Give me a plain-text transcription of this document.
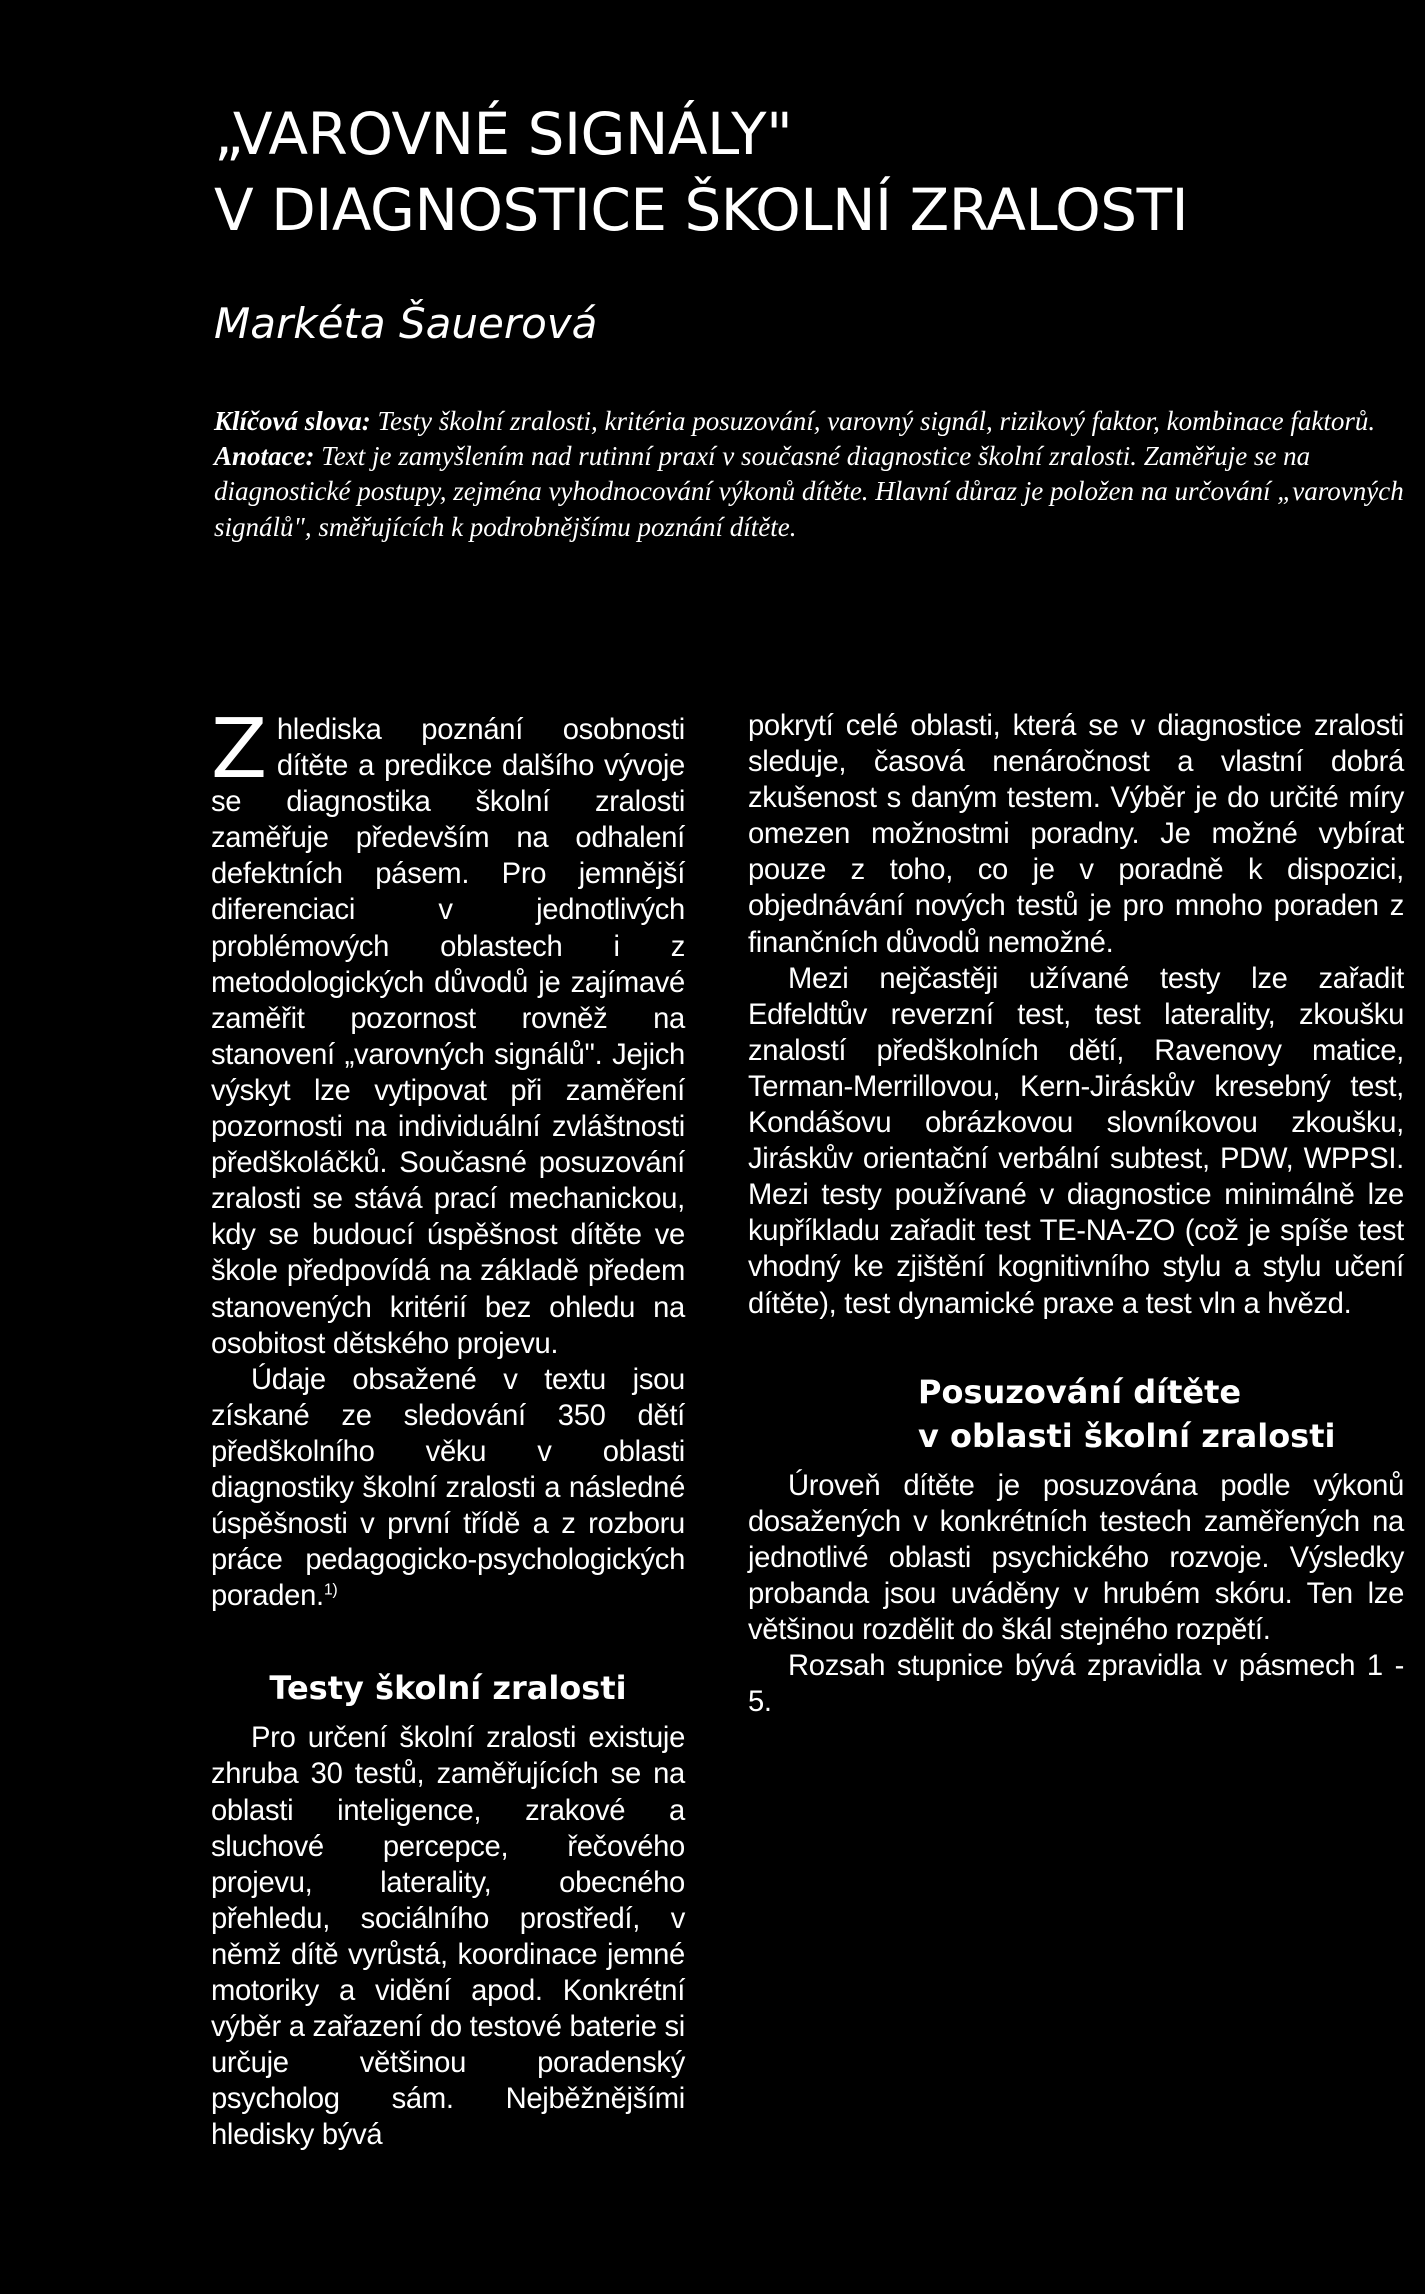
„VAROVNÉ SIGNÁLY"
V DIAGNOSTICE ŠKOLNÍ ZRALOSTI

Markéta Šauerová

Klíčová slova: Testy školní zralosti, kritéria posuzování, varovný signál, rizikový faktor, kombinace faktorů.

Anotace: Text je zamyšlením nad rutinní praxí v současné diagnostice školní zralosti. Zaměřuje se na diagnostické postupy, zejména vyhodnocování výkonů dítěte. Hlavní důraz je položen na určování „varovných signálů", směřujících k podrobnějšímu poznání dítěte.

Zhlediska poznání osobnosti dítěte a predikce dalšího vývoje se diagnostika školní zralosti zaměřuje především na odhalení defektních pásem. Pro jemnější diferenciaci v jednotlivých problémových oblastech i z metodologických důvodů je zajímavé zaměřit pozornost rovněž na stanovení „varovných signálů". Jejich výskyt lze vytipovat při zaměření pozornosti na individuální zvláštnosti předškoláčků. Současné posuzování zralosti se stává prací mechanickou, kdy se budoucí úspěšnost dítěte ve škole předpovídá na základě předem stanovených kritérií bez ohledu na osobitost dětského projevu.

Údaje obsažené v textu jsou získané ze sledování 350 dětí předškolního věku v oblasti diagnostiky školní zralosti a následné úspěšnosti v první třídě a z rozboru práce pedagogicko-psychologických poraden.$^{1)}$

Testy školní zralosti

Pro určení školní zralosti existuje zhruba 30 testů, zaměřujících se na oblasti inteligence, zrakové a sluchové percepce, řečového projevu, laterality, obecného přehledu, sociálního prostředí, v němž dítě vyrůstá, koordinace jemné motoriky a vidění apod. Konkrétní výběr a zařazení do testové baterie si určuje většinou poradenský psycholog sám. Nejběžnějšími hledisky bývá

pokrytí celé oblasti, která se v diagnostice zralosti sleduje, časová nenáročnost a vlastní dobrá zkušenost s daným testem. Výběr je do určité míry omezen možnostmi poradny. Je možné vybírat pouze z toho, co je v poradně k dispozici, objednávání nových testů je pro mnoho poraden z finančních důvodů nemožné.

Mezi nejčastěji užívané testy lze zařadit Edfeldtův reverzní test, test laterality, zkoušku znalostí předškolních dětí, Ravenovy matice, Terman-Merrillovou, Kern-Jiráskův kresebný test, Kondášovu obrázkovou slovníkovou zkoušku, Jiráskův orientační verbální subtest, PDW, WPPSI. Mezi testy používané v diagnostice minimálně lze kupříkladu zařadit test TE-NA-ZO (což je spíše test vhodný ke zjištění kognitivního stylu a stylu učení dítěte), test dynamické praxe a test vln a hvězd.

Posuzování dítěte
v oblasti školní zralosti

Úroveň dítěte je posuzována podle výkonů dosažených v konkrétních testech zaměřených na jednotlivé oblasti psychického rozvoje. Výsledky probanda jsou uváděny v hrubém skóru. Ten lze většinou rozdělit do škál stejného rozpětí.

Rozsah stupnice bývá zpravidla v pásmech 1 - 5.
